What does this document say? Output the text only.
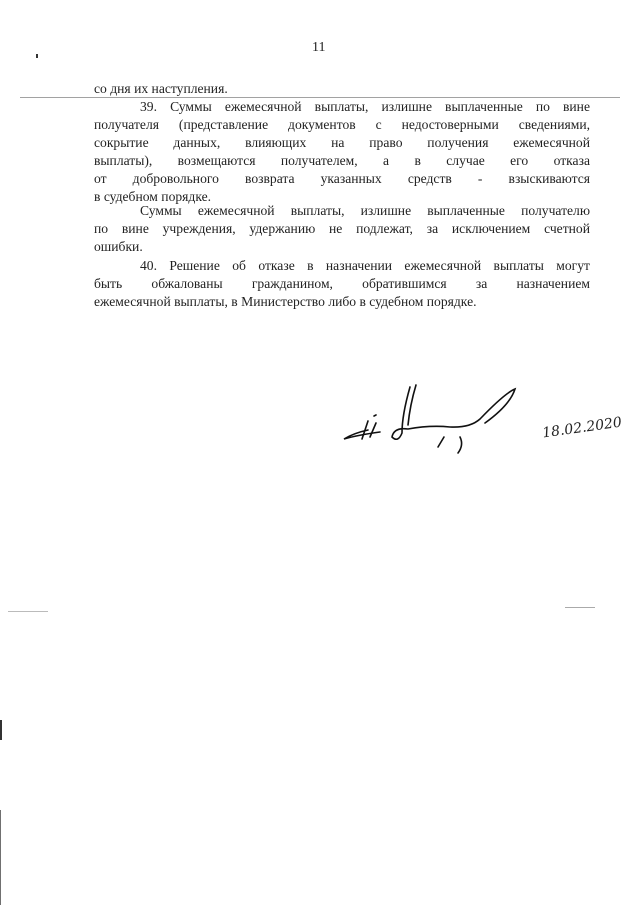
11
со дня их наступления.
39. Суммы ежемесячной выплаты, излишне выплаченные по вине
получателя (представление документов с недостоверными сведениями,
сокрытие данных, влияющих на право получения ежемесячной
выплаты), возмещаются получателем, а в случае его отказа
от добровольного возврата указанных средств - взыскиваются
в судебном порядке.
Суммы ежемесячной выплаты, излишне выплаченные получателю
по вине учреждения, удержанию не подлежат, за исключением счетной
ошибки.
40. Решение об отказе в назначении ежемесячной выплаты могут
быть обжалованы гражданином, обратившимся за назначением
ежемесячной выплаты, в Министерство либо в судебном порядке.
18.02.2020
